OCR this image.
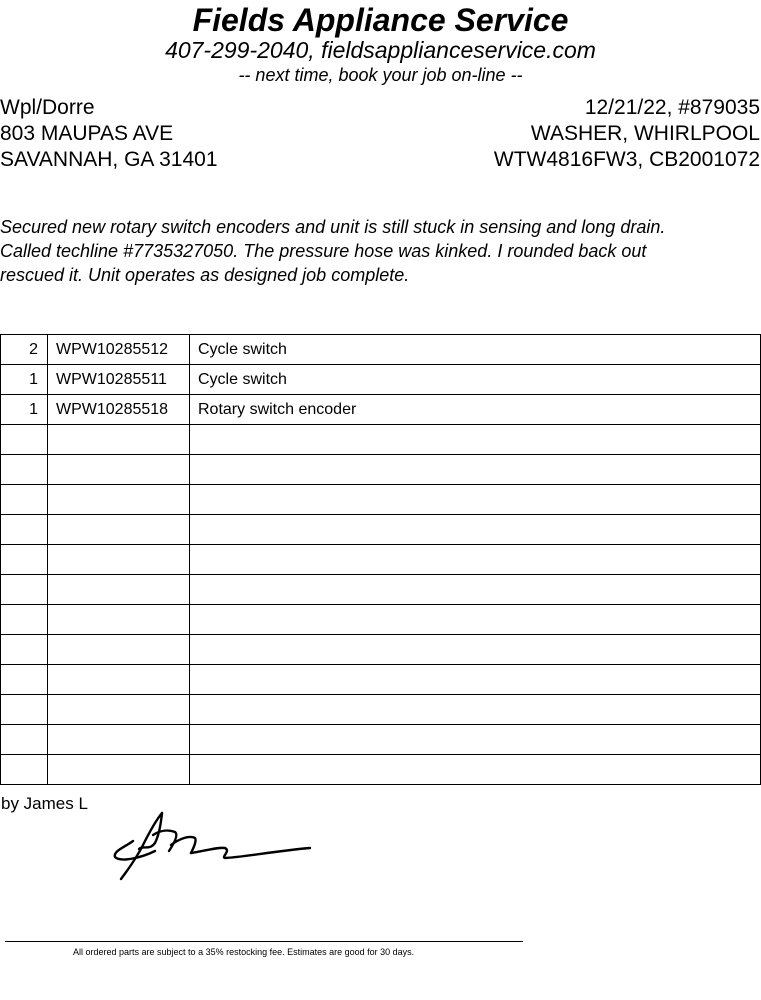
Fields Appliance Service
407-299-2040, fieldsapplianceservice.com
-- next time, book your job on-line --
Wpl/Dorre
803 MAUPAS AVE
SAVANNAH, GA 31401
12/21/22, #879035
WASHER, WHIRLPOOL
WTW4816FW3, CB2001072
Secured new rotary switch encoders and unit is still stuck in sensing and long drain.
Called techline #7735327050. The pressure hose was kinked. I rounded back out
rescued it. Unit operates as designed job complete.
2	WPW10285512	Cycle switch
1	WPW10285511	Cycle switch
1	WPW10285518	Rotary switch encoder

by James L
All ordered parts are subject to a 35% restocking fee. Estimates are good for 30 days.
